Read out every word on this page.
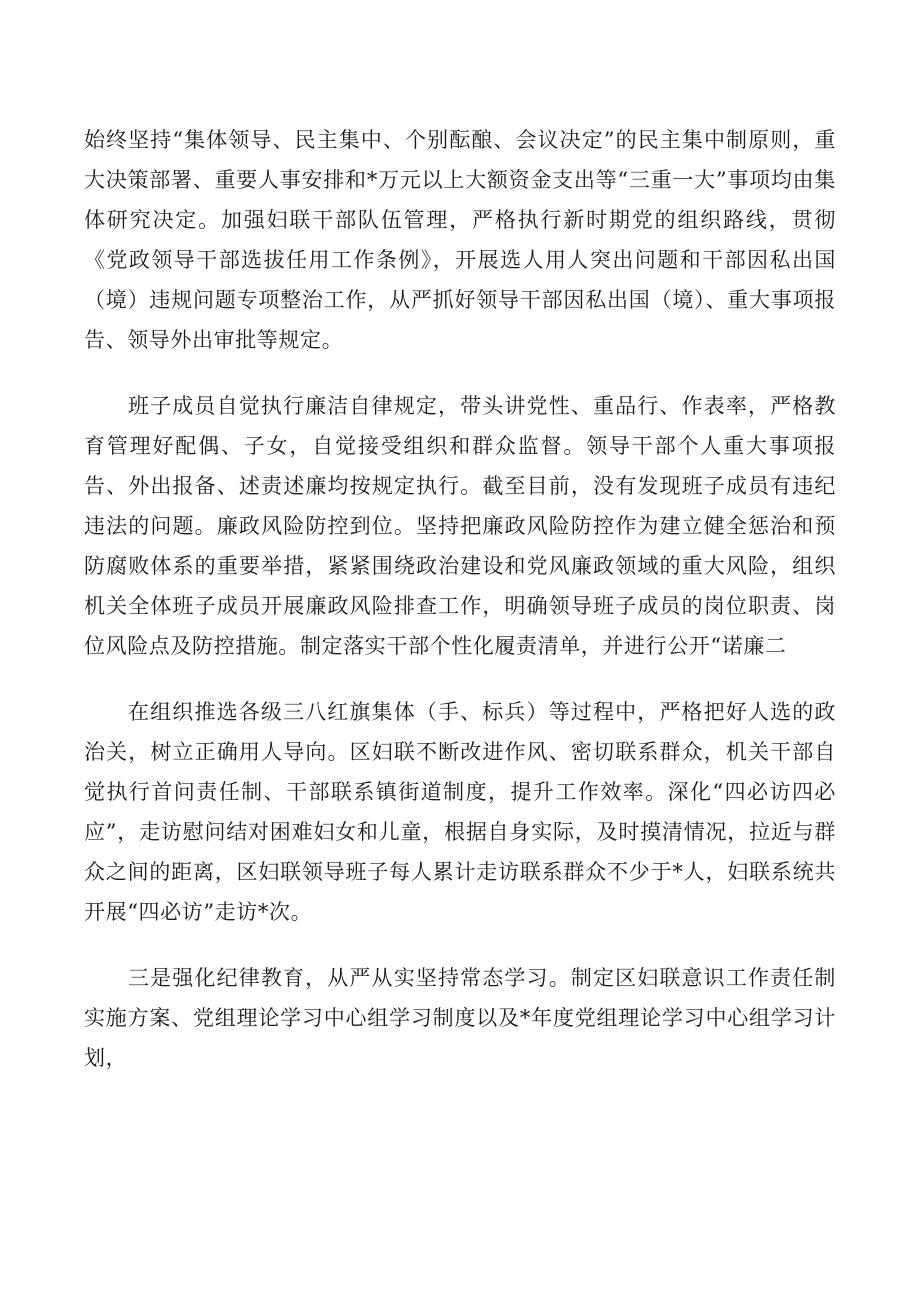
始终坚持“集体领导、民主集中、个别酝酿、会议决定”的民主集中制原则，重大决策部署、重要人事安排和*万元以上大额资金支出等“三重一大”事项均由集体研究决定。加强妇联干部队伍管理，严格执行新时期党的组织路线，贯彻《党政领导干部选拔任用工作条例》，开展选人用人突出问题和干部因私出国（境）违规问题专项整治工作，从严抓好领导干部因私出国（境）、重大事项报告、领导外出审批等规定。

班子成员自觉执行廉洁自律规定，带头讲党性、重品行、作表率，严格教育管理好配偶、子女，自觉接受组织和群众监督。领导干部个人重大事项报告、外出报备、述责述廉均按规定执行。截至目前，没有发现班子成员有违纪违法的问题。廉政风险防控到位。坚持把廉政风险防控作为建立健全惩治和预防腐败体系的重要举措，紧紧围绕政治建设和党风廉政领域的重大风险，组织机关全体班子成员开展廉政风险排查工作，明确领导班子成员的岗位职责、岗位风险点及防控措施。制定落实干部个性化履责清单，并进行公开“诺廉二

在组织推选各级三八红旗集体（手、标兵）等过程中，严格把好人选的政治关，树立正确用人导向。区妇联不断改进作风、密切联系群众，机关干部自觉执行首问责任制、干部联系镇街道制度，提升工作效率。深化“四必访四必应”，走访慰问结对困难妇女和儿童，根据自身实际，及时摸清情况，拉近与群众之间的距离，区妇联领导班子每人累计走访联系群众不少于*人，妇联系统共开展“四必访”走访*次。

三是强化纪律教育，从严从实坚持常态学习。制定区妇联意识工作责任制实施方案、党组理论学习中心组学习制度以及*年度党组理论学习中心组学习计划，
